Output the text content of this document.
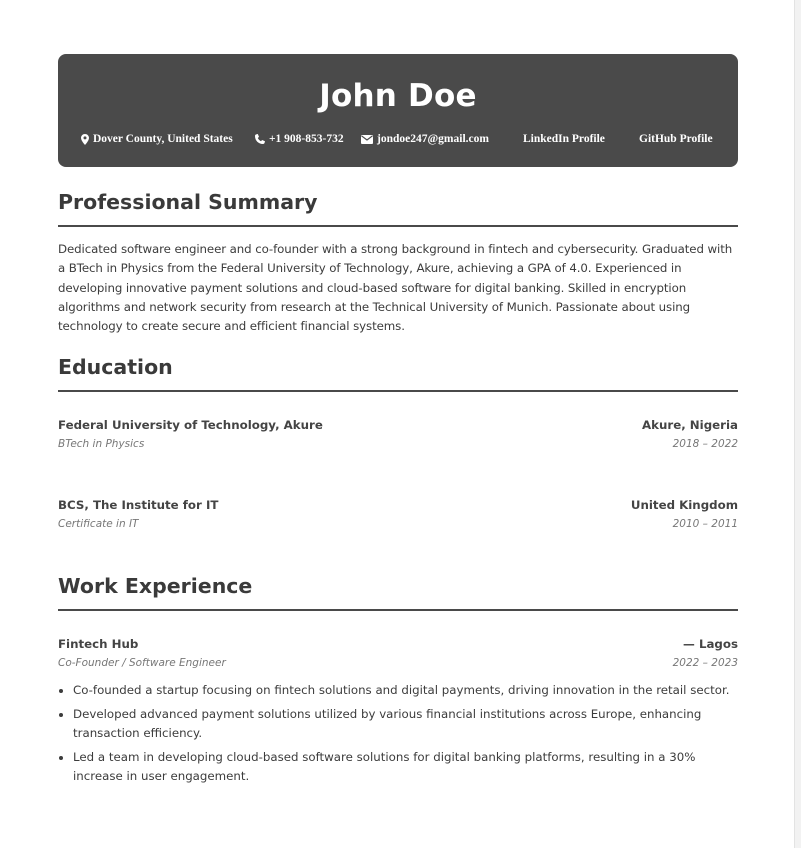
John Doe
Dover County, United States	+1 908-853-732	jondoe247@gmail.com	LinkedIn Profile	GitHub Profile
Professional Summary
Dedicated software engineer and co-founder with a strong background in fintech and cybersecurity. Graduated with a BTech in Physics from the Federal University of Technology, Akure, achieving a GPA of 4.0. Experienced in developing innovative payment solutions and cloud-based software for digital banking. Skilled in encryption algorithms and network security from research at the Technical University of Munich. Passionate about using technology to create secure and efficient financial systems.
Education
Federal University of Technology, Akure	Akure, Nigeria
BTech in Physics	2018 – 2022
BCS, The Institute for IT	United Kingdom
Certificate in IT	2010 – 2011
Work Experience
Fintech Hub	— Lagos
Co-Founder / Software Engineer	2022 – 2023
• Co-founded a startup focusing on fintech solutions and digital payments, driving innovation in the retail sector.
• Developed advanced payment solutions utilized by various financial institutions across Europe, enhancing transaction efficiency.
• Led a team in developing cloud-based software solutions for digital banking platforms, resulting in a 30% increase in user engagement.
